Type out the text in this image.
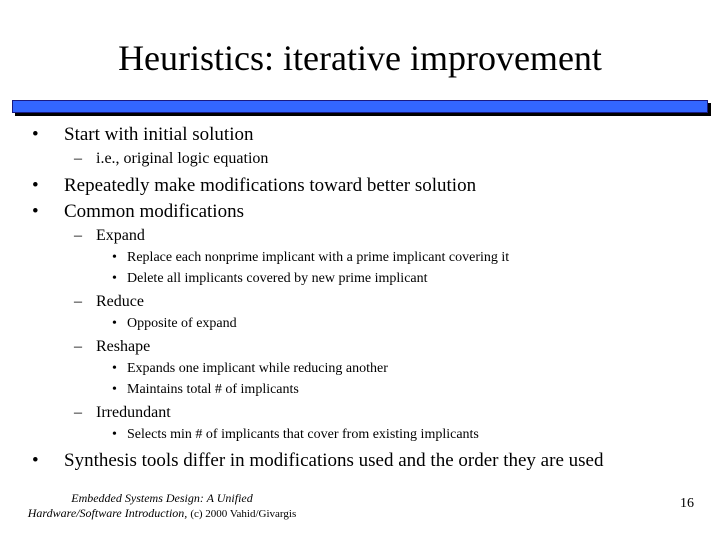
Heuristics: iterative improvement
• Start with initial solution
– i.e., original logic equation
• Repeatedly make modifications toward better solution
• Common modifications
– Expand
• Replace each nonprime implicant with a prime implicant covering it
• Delete all implicants covered by new prime implicant
– Reduce
• Opposite of expand
– Reshape
• Expands one implicant while reducing another
• Maintains total # of implicants
– Irredundant
• Selects min # of implicants that cover from existing implicants
• Synthesis tools differ in modifications used and the order they are used
Embedded Systems Design: A Unified
Hardware/Software Introduction, (c) 2000 Vahid/Givargis
16
